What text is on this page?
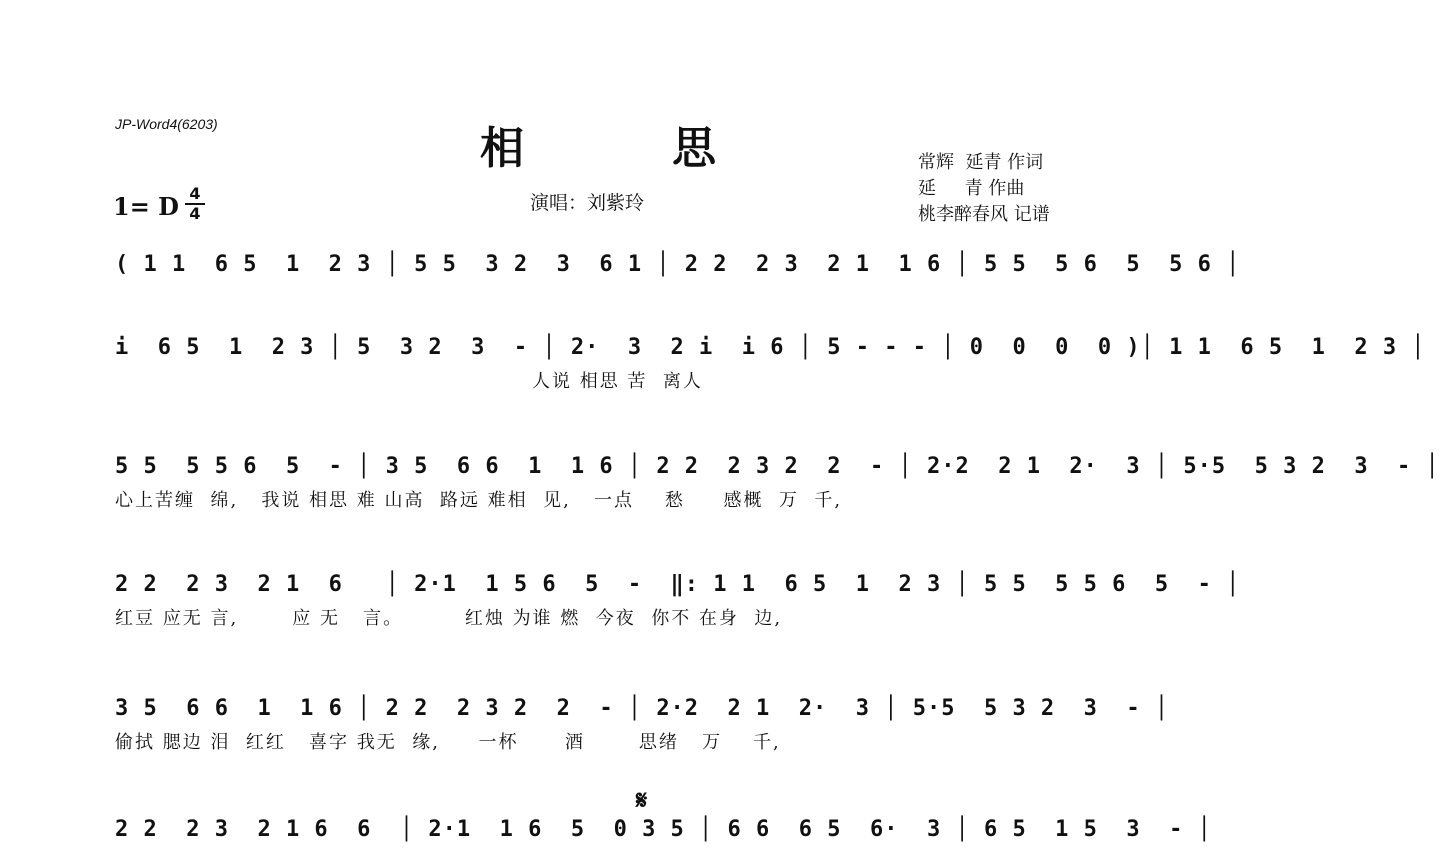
JP-Word4(6203)	相	思
1= D 4
4	演唱：刘紫玲
常辉  延青 作词
延     青 作曲
桃李醉春风 记谱
( 1 1  6 5  1  2 3 │ 5 5  3 2  3  6 1 │ 2 2  2 3  2 1  1 6 │ 5 5  5 6  5  5 6 │
i  6 5  1  2 3 │ 5  3 2  3  - │ 2·  3  2 i  i 6 │ 5 - - - │ 0  0  0  0 )│ 1 1  6 5  1  2 3 │
人说 相思 苦  离人
5 5  5 5 6  5  - │ 3 5  6 6  1  1 6 │ 2 2  2 3 2  2  - │ 2·2  2 1  2·  3 │ 5·5  5 3 2  3  - │
心上苦缠  绵,   我说 相思 难 山高  路远 难相  见,   一点    愁     感概  万  千,
2 2  2 3  2 1  6   │ 2·1  1 5 6  5  -  ‖: 1 1  6 5  1  2 3 │ 5 5  5 5 6  5  - │
红豆 应无 言,       应 无   言。        红烛 为谁 燃  今夜  你不 在身  边,
3 5  6 6  1  1 6 │ 2 2  2 3 2  2  - │ 2·2  2 1  2·  3 │ 5·5  5 3 2  3  - │
偷拭 腮边 泪  红红   喜字 我无  缘,     一杯      酒       思绪   万    千,
𝄋
2 2  2 3  2 1 6  6  │ 2·1  1 6  5  0 3 5 │ 6 6  6 5  6·  3 │ 6 5  1 5  3  - │
